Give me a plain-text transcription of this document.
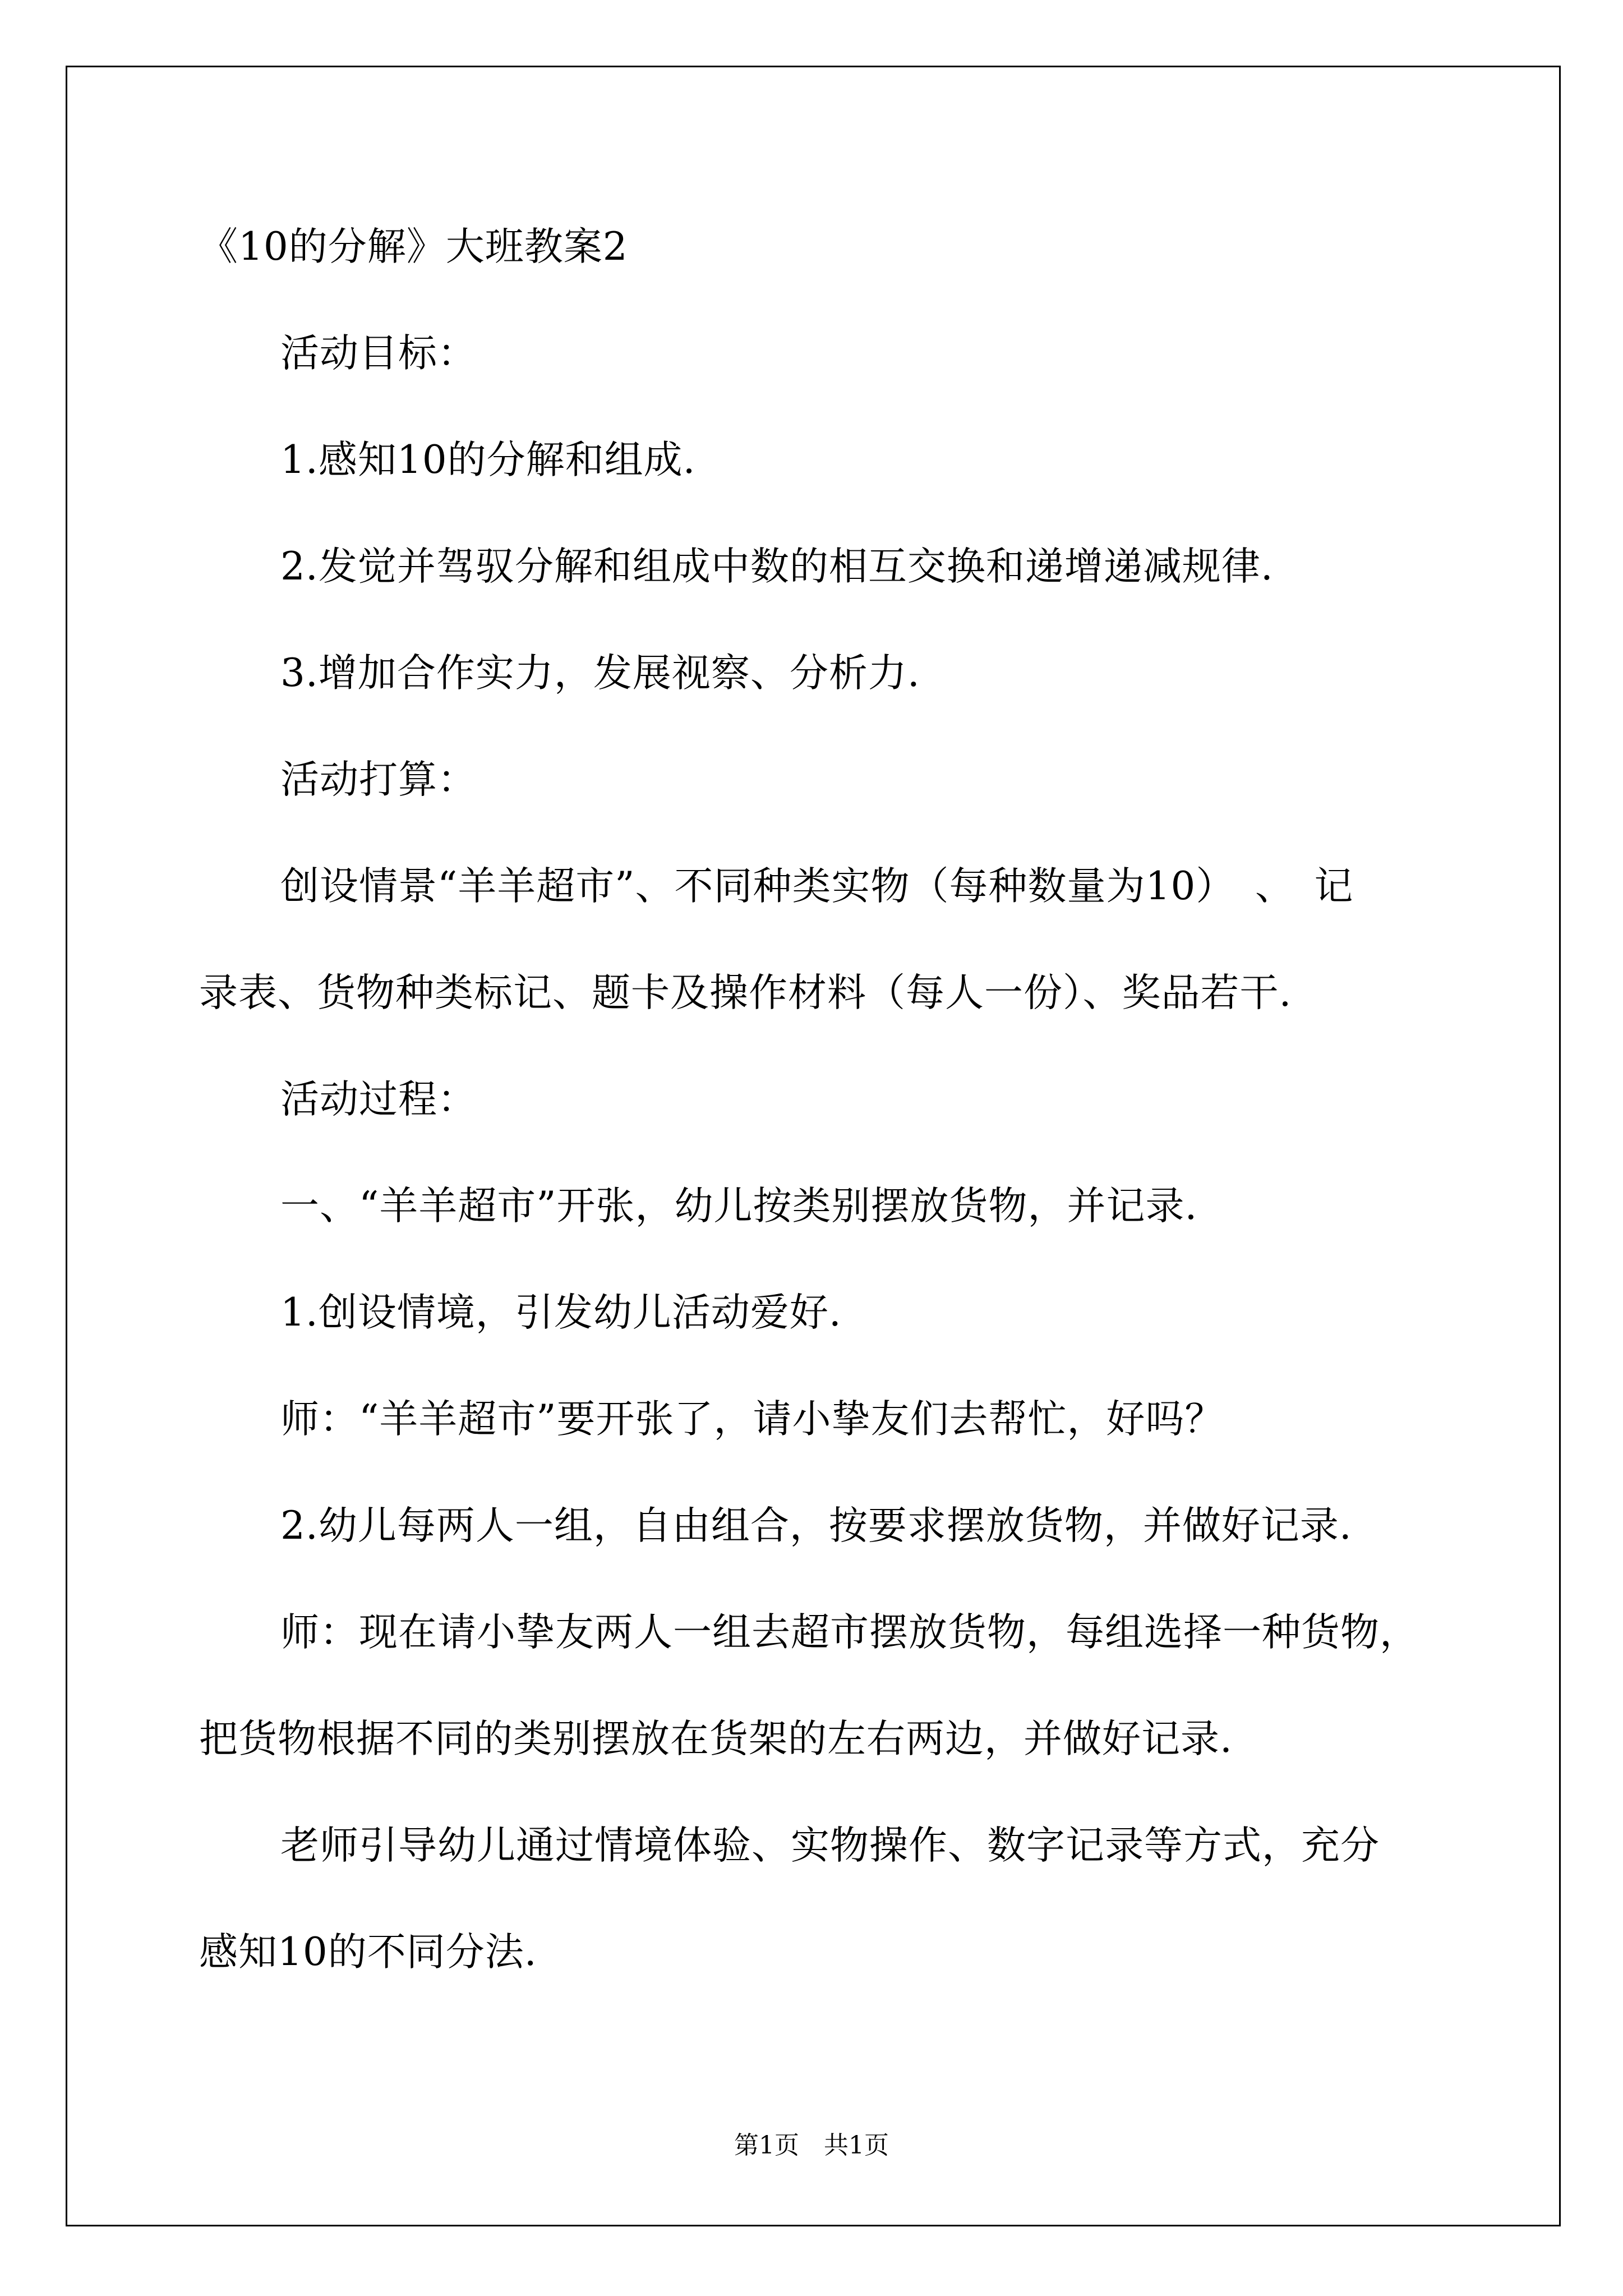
《10的分解》大班教案2
活动目标：
1.感知10的分解和组成.
2.发觉并驾驭分解和组成中数的相互交换和递增递减规律.
3.增加合作实力，发展视察、分析力.
活动打算：
创设情景“羊羊超市”、不同种类实物（每种数量为10）　、　记
录表、货物种类标记、题卡及操作材料（每人一份）、奖品若干.
活动过程：
一、“羊羊超市”开张，幼儿按类别摆放货物，并记录.
1.创设情境，引发幼儿活动爱好.
师：“羊羊超市”要开张了，请小挚友们去帮忙，好吗？
2.幼儿每两人一组，自由组合，按要求摆放货物，并做好记录.
师：现在请小挚友两人一组去超市摆放货物，每组选择一种货物，
把货物根据不同的类别摆放在货架的左右两边，并做好记录.
老师引导幼儿通过情境体验、实物操作、数字记录等方式，充分
感知10的不同分法.
第1页　共1页
